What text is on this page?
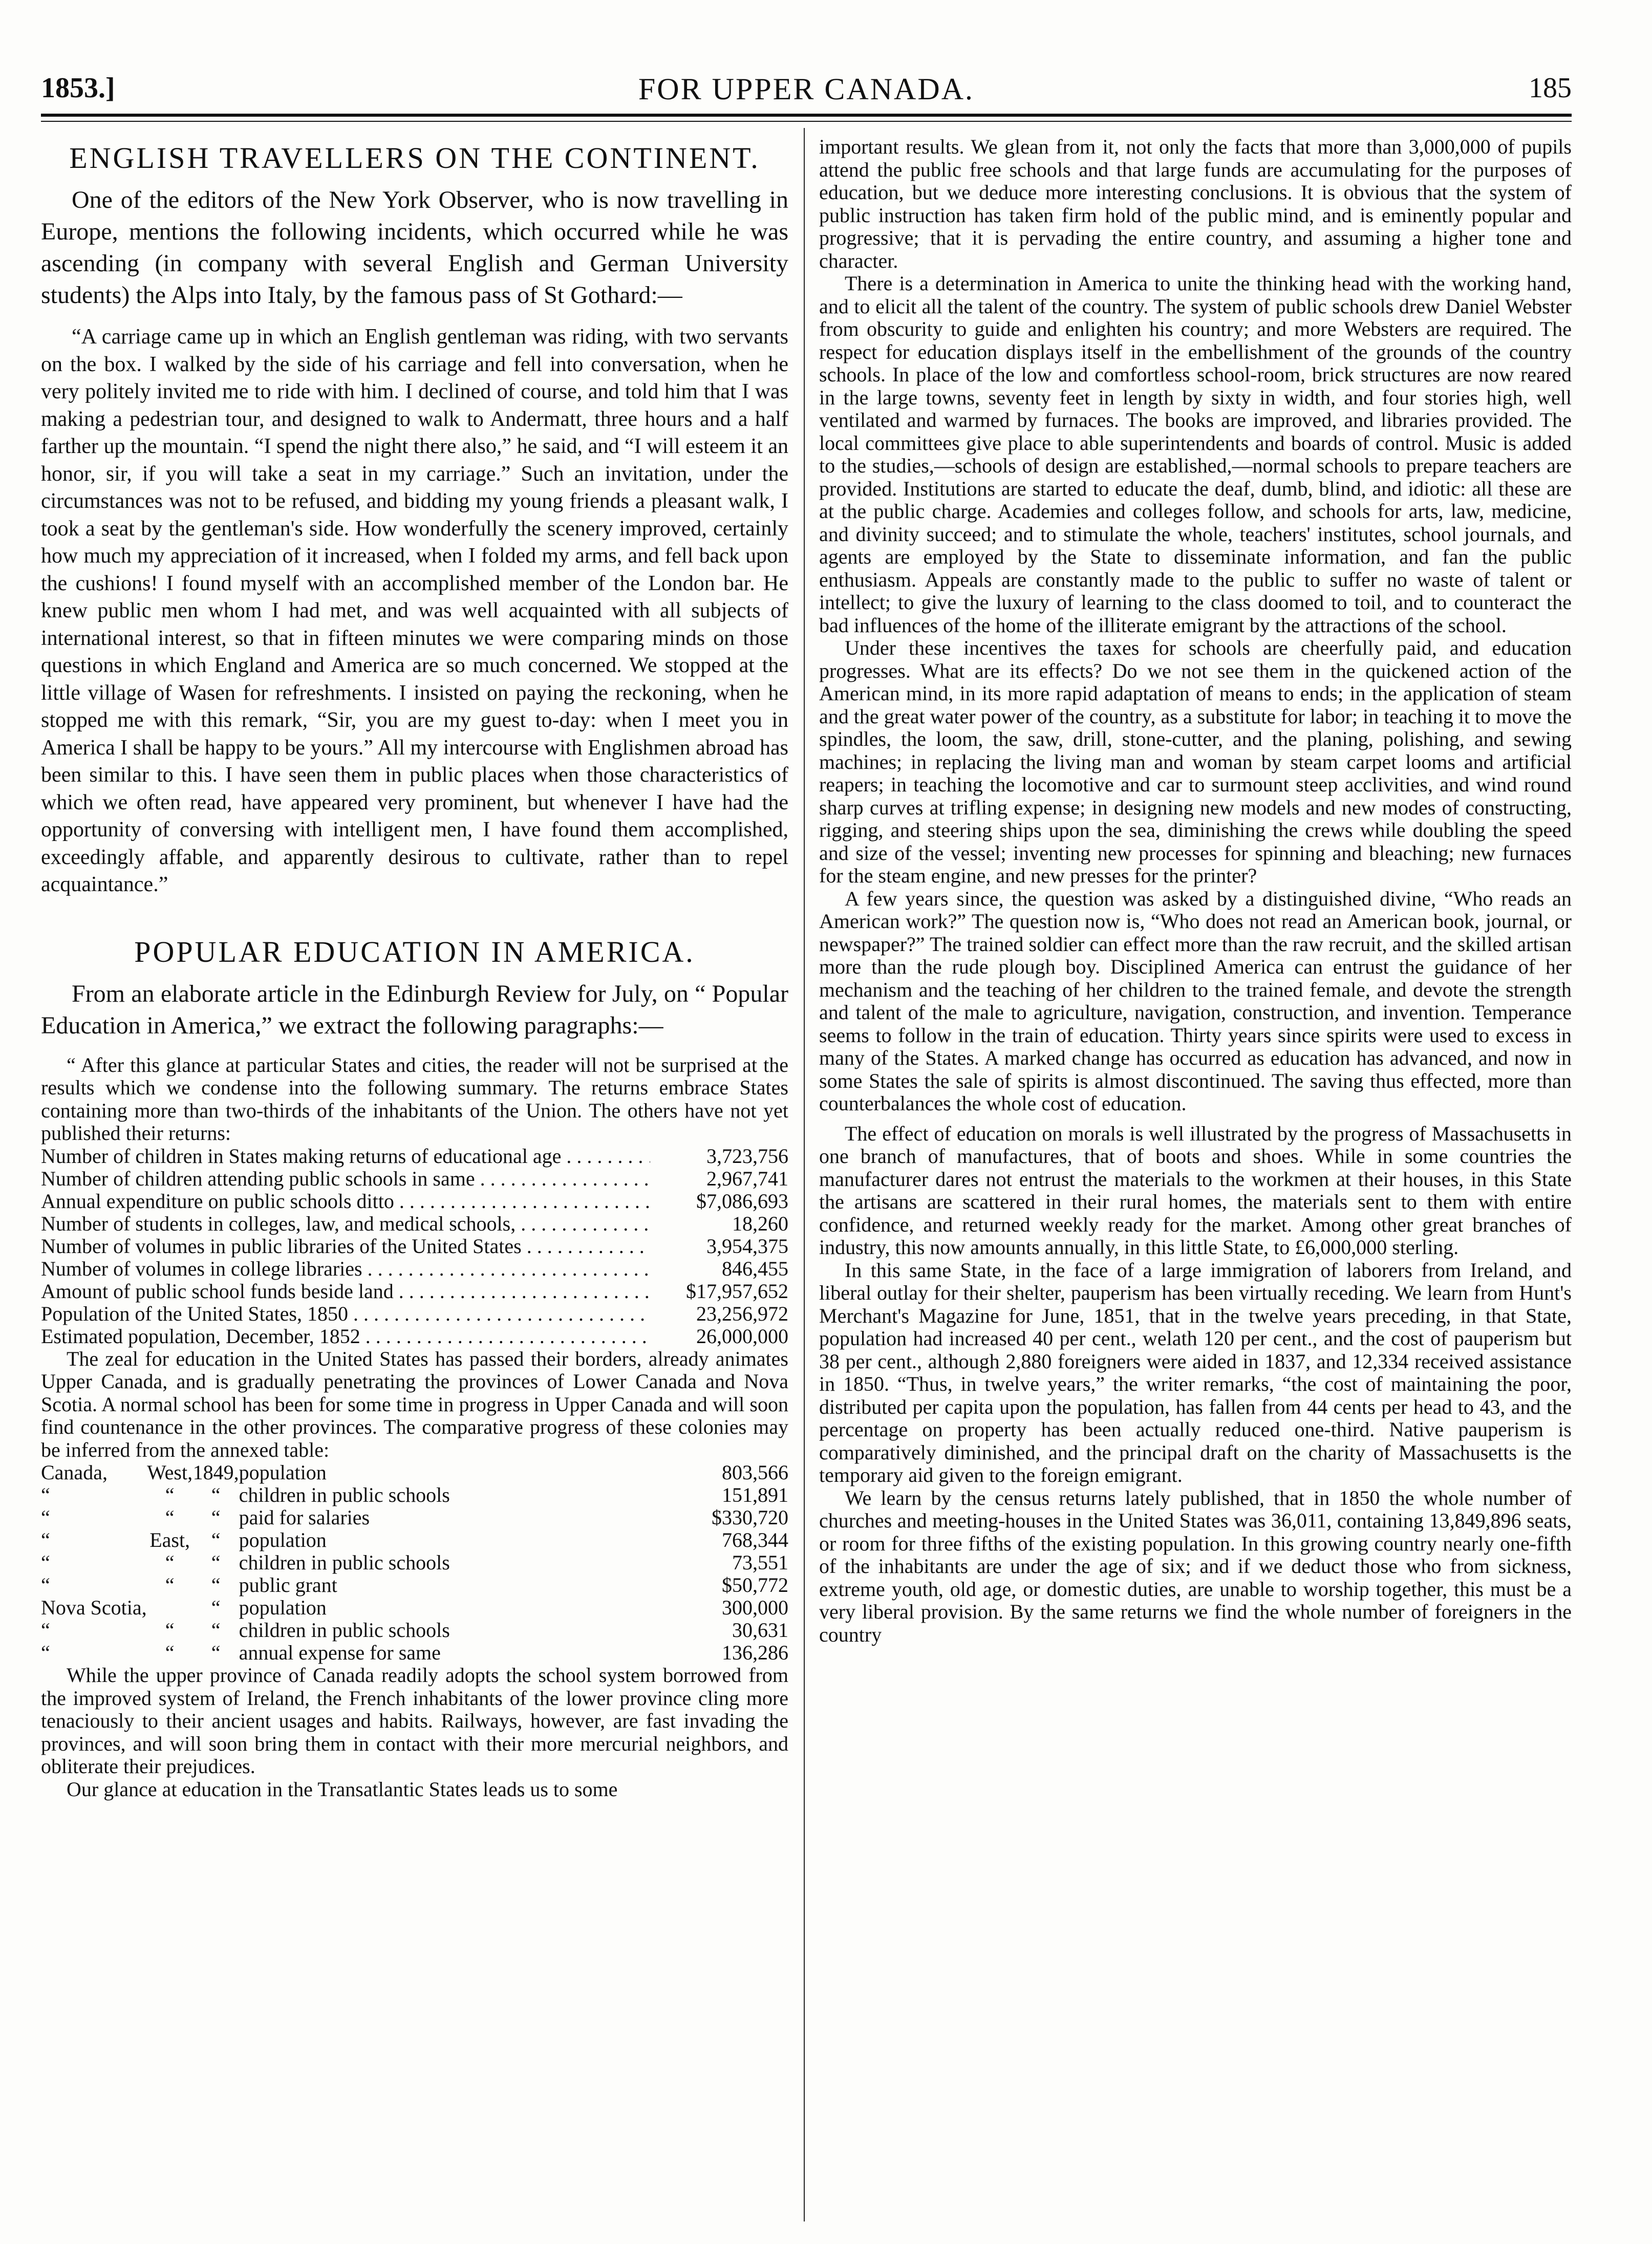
1853.]	FOR UPPER CANADA.	185
ENGLISH TRAVELLERS ON THE CONTINENT.

One of the editors of the New York Observer, who is now travelling in Europe, mentions the following incidents, which occurred while he was ascending (in company with several English and German University students) the Alps into Italy, by the famous pass of St Gothard:—

“A carriage came up in which an English gentleman was riding, with two servants on the box. I walked by the side of his carriage and fell into conversation, when he very politely invited me to ride with him. I declined of course, and told him that I was making a pedestrian tour, and designed to walk to Andermatt, three hours and a half farther up the mountain. “I spend the night there also,” he said, and “I will esteem it an honor, sir, if you will take a seat in my carriage.” Such an invitation, under the circumstances was not to be refused, and bidding my young friends a pleasant walk, I took a seat by the gentleman's side. How wonderfully the scenery improved, certainly how much my appreciation of it increased, when I folded my arms, and fell back upon the cushions! I found myself with an accomplished member of the London bar. He knew public men whom I had met, and was well acquainted with all subjects of international interest, so that in fifteen minutes we were comparing minds on those questions in which England and America are so much concerned. We stopped at the little village of Wasen for refreshments. I insisted on paying the reckoning, when he stopped me with this remark, “Sir, you are my guest to-day: when I meet you in America I shall be happy to be yours.” All my intercourse with Englishmen abroad has been similar to this. I have seen them in public places when those characteristics of which we often read, have appeared very prominent, but whenever I have had the opportunity of conversing with intelligent men, I have found them accomplished, exceedingly affable, and apparently desirous to cultivate, rather than to repel acquaintance.”

POPULAR EDUCATION IN AMERICA.

From an elaborate article in the Edinburgh Review for July, on “ Popular Education in America,” we extract the following paragraphs:—

“ After this glance at particular States and cities, the reader will not be surprised at the results which we condense into the following summary. The returns embrace States containing more than two-thirds of the inhabitants of the Union. The others have not yet published their returns:

Number of children in States making returns of educational age . . .	3,723,756

Number of children attending public schools in same . . .	2,967,741

Annual expenditure on public schools ditto . . .	$7,086,693

Number of students in colleges, law, and medical schools, . . .	18,260

Number of volumes in public libraries of the United States . . .	3,954,375

Number of volumes in college libraries . . .	846,455

Amount of public school funds beside land . . .	$17,957,652

Population of the United States, 1850 . . .	23,256,972

Estimated population, December, 1852 . . .	26,000,000

The zeal for education in the United States has passed their borders, already animates Upper Canada, and is gradually penetrating the provinces of Lower Canada and Nova Scotia. A normal school has been for some time in progress in Upper Canada and will soon find countenance in the other provinces. The comparative progress of these colonies may be inferred from the annexed table:

Canada,	West,	1849,	population	803,566
“	“	“	children in public schools	151,891
“	“	“	paid for salaries	$330,720
“	East,	“	population	768,344
“	“	“	children in public schools	73,551
“	“	“	public grant	$50,772
Nova Scotia,		“	population	300,000
“	“	“	children in public schools	30,631
“	“	“	annual expense for same	136,286

While the upper province of Canada readily adopts the school system borrowed from the improved system of Ireland, the French inhabitants of the lower province cling more tenaciously to their ancient usages and habits. Railways, however, are fast invading the provinces, and will soon bring them in contact with their more mercurial neighbors, and obliterate their prejudices.

Our glance at education in the Transatlantic States leads us to some

important results. We glean from it, not only the facts that more than 3,000,000 of pupils attend the public free schools and that large funds are accumulating for the purposes of education, but we deduce more interesting conclusions. It is obvious that the system of public instruction has taken firm hold of the public mind, and is eminently popular and progressive; that it is pervading the entire country, and assuming a higher tone and character.

There is a determination in America to unite the thinking head with the working hand, and to elicit all the talent of the country. The system of public schools drew Daniel Webster from obscurity to guide and enlighten his country; and more Websters are required. The respect for education displays itself in the embellishment of the grounds of the country schools. In place of the low and comfortless school-room, brick structures are now reared in the large towns, seventy feet in length by sixty in width, and four stories high, well ventilated and warmed by furnaces. The books are improved, and libraries provided. The local committees give place to able superintendents and boards of control. Music is added to the studies,—schools of design are established,—normal schools to prepare teachers are provided. Institutions are started to educate the deaf, dumb, blind, and idiotic: all these are at the public charge. Academies and colleges follow, and schools for arts, law, medicine, and divinity succeed; and to stimulate the whole, teachers' institutes, school journals, and agents are employed by the State to disseminate information, and fan the public enthusiasm. Appeals are constantly made to the public to suffer no waste of talent or intellect; to give the luxury of learning to the class doomed to toil, and to counteract the bad influences of the home of the illiterate emigrant by the attractions of the school.

Under these incentives the taxes for schools are cheerfully paid, and education progresses. What are its effects? Do we not see them in the quickened action of the American mind, in its more rapid adaptation of means to ends; in the application of steam and the great water power of the country, as a substitute for labor; in teaching it to move the spindles, the loom, the saw, drill, stone-cutter, and the planing, polishing, and sewing machines; in replacing the living man and woman by steam carpet looms and artificial reapers; in teaching the locomotive and car to surmount steep acclivities, and wind round sharp curves at trifling expense; in designing new models and new modes of constructing, rigging, and steering ships upon the sea, diminishing the crews while doubling the speed and size of the vessel; inventing new processes for spinning and bleaching; new furnaces for the steam engine, and new presses for the printer?

A few years since, the question was asked by a distinguished divine, “Who reads an American work?” The question now is, “Who does not read an American book, journal, or newspaper?” The trained soldier can effect more than the raw recruit, and the skilled artisan more than the rude plough boy. Disciplined America can entrust the guidance of her mechanism and the teaching of her children to the trained female, and devote the strength and talent of the male to agriculture, navigation, construction, and invention. Temperance seems to follow in the train of education. Thirty years since spirits were used to excess in many of the States. A marked change has occurred as education has advanced, and now in some States the sale of spirits is almost discontinued. The saving thus effected, more than counterbalances the whole cost of education.

The effect of education on morals is well illustrated by the progress of Massachusetts in one branch of manufactures, that of boots and shoes. While in some countries the manufacturer dares not entrust the materials to the workmen at their houses, in this State the artisans are scattered in their rural homes, the materials sent to them with entire confidence, and returned weekly ready for the market. Among other great branches of industry, this now amounts annually, in this little State, to £6,000,000 sterling.

In this same State, in the face of a large immigration of laborers from Ireland, and liberal outlay for their shelter, pauperism has been virtually receding. We learn from Hunt's Merchant's Magazine for June, 1851, that in the twelve years preceding, in that State, population had increased 40 per cent., welath 120 per cent., and the cost of pauperism but 38 per cent., although 2,880 foreigners were aided in 1837, and 12,334 received assistance in 1850. “Thus, in twelve years,” the writer remarks, “the cost of maintaining the poor, distributed per capita upon the population, has fallen from 44 cents per head to 43, and the percentage on property has been actually reduced one-third. Native pauperism is comparatively diminished, and the principal draft on the charity of Massachusetts is the temporary aid given to the foreign emigrant.

We learn by the census returns lately published, that in 1850 the whole number of churches and meeting-houses in the United States was 36,011, containing 13,849,896 seats, or room for three fifths of the existing population. In this growing country nearly one-fifth of the inhabitants are under the age of six; and if we deduct those who from sickness, extreme youth, old age, or domestic duties, are unable to worship together, this must be a very liberal provision. By the same returns we find the whole number of foreigners in the country
